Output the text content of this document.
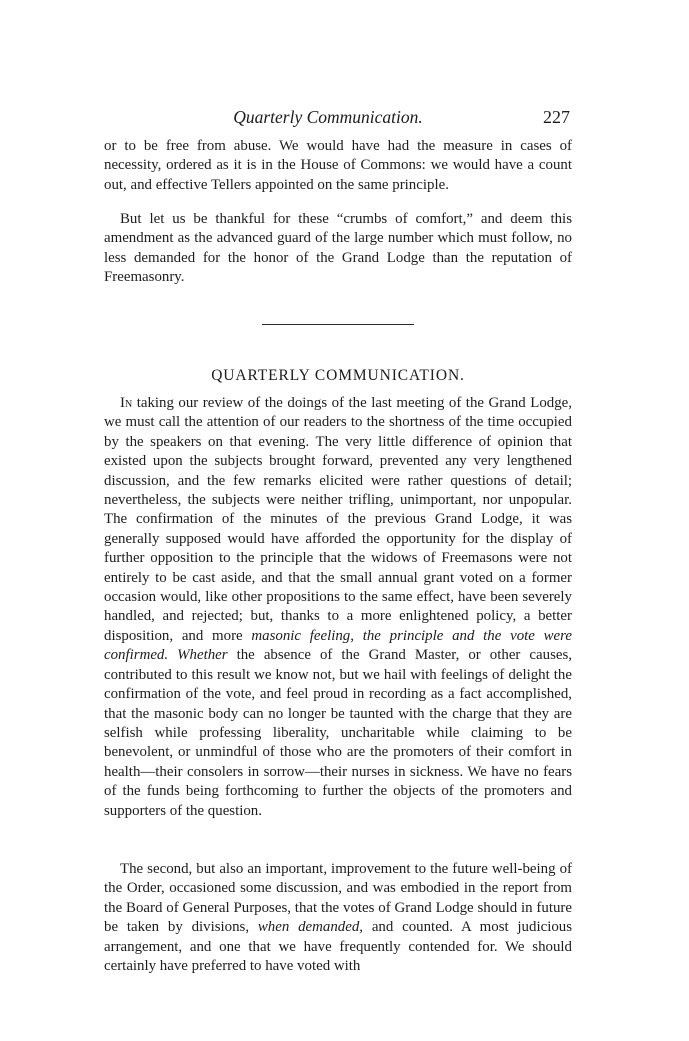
Quarterly Communication.	227

or to be free from abuse. We would have had the measure in cases of necessity, ordered as it is in the House of Commons: we would have a count out, and effective Tellers appointed on the same principle.

But let us be thankful for these “crumbs of comfort,” and deem this amendment as the advanced guard of the large number which must follow, no less demanded for the honor of the Grand Lodge than the reputation of Freemasonry.

QUARTERLY COMMUNICATION.

In taking our review of the doings of the last meeting of the Grand Lodge, we must call the attention of our readers to the shortness of the time occupied by the speakers on that evening. The very little difference of opinion that existed upon the subjects brought forward, prevented any very lengthened discussion, and the few remarks elicited were rather questions of detail; nevertheless, the subjects were neither trifling, unimportant, nor unpopular. The confirmation of the minutes of the previous Grand Lodge, it was generally supposed would have afforded the opportunity for the display of further opposition to the principle that the widows of Freemasons were not entirely to be cast aside, and that the small annual grant voted on a former occasion would, like other propositions to the same effect, have been severely handled, and rejected; but, thanks to a more enlightened policy, a better disposition, and more masonic feeling, the principle and the vote were confirmed. Whether the absence of the Grand Master, or other causes, contributed to this result we know not, but we hail with feelings of delight the confirmation of the vote, and feel proud in recording as a fact accomplished, that the masonic body can no longer be taunted with the charge that they are selfish while professing liberality, uncharitable while claiming to be benevolent, or unmindful of those who are the promoters of their comfort in health—their consolers in sorrow—their nurses in sickness. We have no fears of the funds being forthcoming to further the objects of the promoters and supporters of the question.

The second, but also an important, improvement to the future well-being of the Order, occasioned some discussion, and was embodied in the report from the Board of General Purposes, that the votes of Grand Lodge should in future be taken by divisions, when demanded, and counted. A most judicious arrangement, and one that we have frequently contended for. We should certainly have preferred to have voted with
